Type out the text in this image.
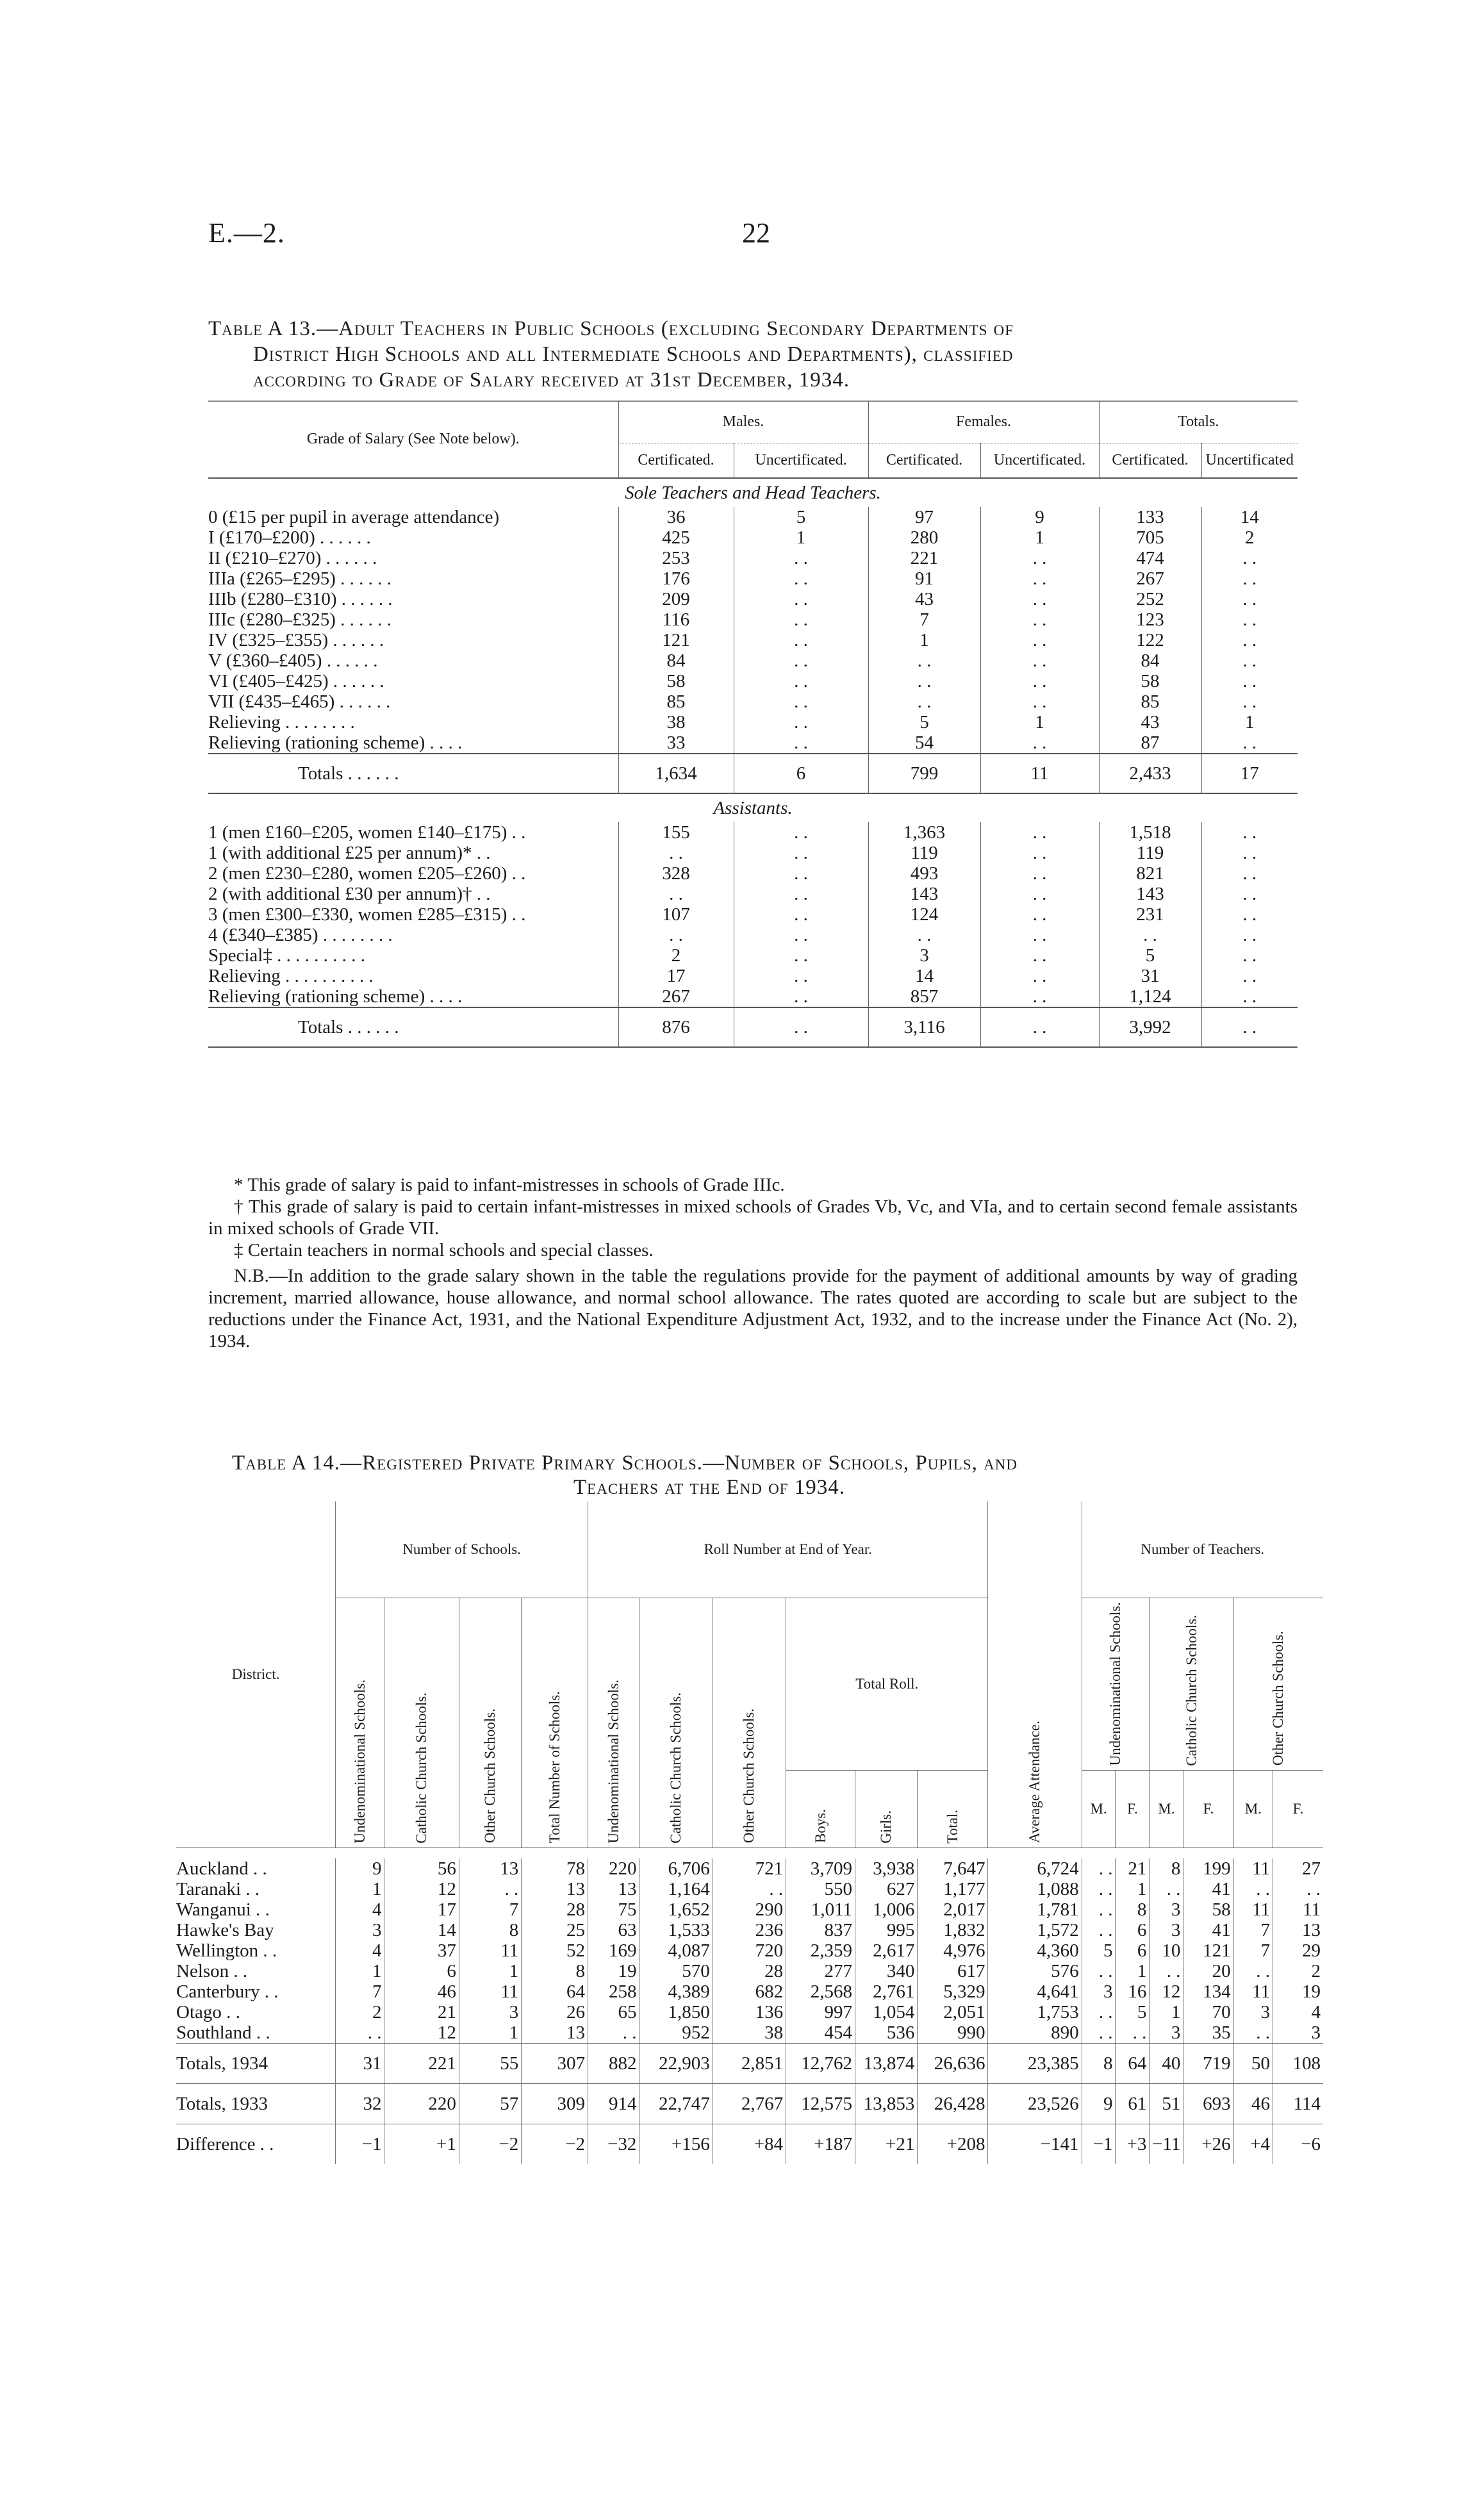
E.—2.	22
Table A 13.—Adult Teachers in Public Schools (excluding Secondary Departments of
District High Schools and all Intermediate Schools and Departments), classified
according to Grade of Salary received at 31st December, 1934.
Grade of Salary (See Note below).	Males.		Females.		Totals.	
	Certificated.	Uncertificated.	Certificated.	Uncertificated.	Certificated.	Uncertificated
Sole Teachers and Head Teachers.						
0 (£15 per pupil in average attendance)	36	5	97	9	133	14
I (£170–£200) . . . . . .	425	1	280	1	705	2
II (£210–£270) . . . . . .	253	. .	221	. .	474	. .
IIIa (£265–£295) . . . . . .	176	. .	91	. .	267	. .
IIIb (£280–£310) . . . . . .	209	. .	43	. .	252	. .
IIIc (£280–£325) . . . . . .	116	. .	7	. .	123	. .
IV (£325–£355) . . . . . .	121	. .	1	. .	122	. .
V (£360–£405) . . . . . .	84	. .	. .	. .	84	. .
VI (£405–£425) . . . . . .	58	. .	. .	. .	58	. .
VII (£435–£465) . . . . . .	85	. .	. .	. .	85	. .
Relieving . . . . . . . .	38	. .	5	1	43	1
Relieving (rationing scheme) . . . .	33	. .	54	. .	87	. .
Totals . . . . . .	1,634	6	799	11	2,433	17
Assistants.						
1 (men £160–£205, women £140–£175) . .	155	. .	1,363	. .	1,518	. .
1 (with additional £25 per annum)* . .	. .	. .	119	. .	119	. .
2 (men £230–£280, women £205–£260) . .	328	. .	493	. .	821	. .
2 (with additional £30 per annum)† . .	. .	. .	143	. .	143	. .
3 (men £300–£330, women £285–£315) . .	107	. .	124	. .	231	. .
4 (£340–£385) . . . . . . . .	. .	. .	. .	. .	. .	. .
Special‡ . . . . . . . . . .	2	. .	3	. .	5	. .
Relieving . . . . . . . . . .	17	. .	14	. .	31	. .
Relieving (rationing scheme) . . . .	267	. .	857	. .	1,124	. .
Totals . . . . . .	876	. .	3,116	. .	3,992	. .

* This grade of salary is paid to infant-mistresses in schools of Grade IIIc.

† This grade of salary is paid to certain infant-mistresses in mixed schools of Grades Vb, Vc, and VIa, and to certain second female assistants in mixed schools of Grade VII.

‡ Certain teachers in normal schools and special classes.

N.B.—In addition to the grade salary shown in the table the regulations provide for the payment of additional amounts by way of grading increment, married allowance, house allowance, and normal school allowance. The rates quoted are according to scale but are subject to the reductions under the Finance Act, 1931, and the National Expenditure Adjustment Act, 1932, and to the increase under the Finance Act (No. 2), 1934.

Table A 14.—Registered Private Primary Schools.—Number of Schools, Pupils, and
Teachers at the End of 1934.
District.	Number of Schools.				Roll Number at End of Year.						Average Attendance.	Number of Teachers.					
	Undenominational Schools.	Catholic Church Schools.	Other Church Schools.	Total Number of Schools.	Undenominational Schools.	Catholic Church Schools.	Other Church Schools.	Total Roll.				Undenominational Schools.		Catholic Church Schools.		Other Church Schools.	
								Boys.	Girls.	Total.		M.	F.	M.	F.	M.	F.

Auckland . .	9	56	13	78	220	6,706	721	3,709	3,938	7,647	6,724	. .	21	8	199	11	27
Taranaki . .	1	12	. .	13	13	1,164	. .	550	627	1,177	1,088	. .	1	. .	41	. .	. .
Wanganui . .	4	17	7	28	75	1,652	290	1,011	1,006	2,017	1,781	. .	8	3	58	11	11
Hawke's Bay	3	14	8	25	63	1,533	236	837	995	1,832	1,572	. .	6	3	41	7	13
Wellington . .	4	37	11	52	169	4,087	720	2,359	2,617	4,976	4,360	5	6	10	121	7	29
Nelson . .	1	6	1	8	19	570	28	277	340	617	576	. .	1	. .	20	. .	2
Canterbury . .	7	46	11	64	258	4,389	682	2,568	2,761	5,329	4,641	3	16	12	134	11	19
Otago . .	2	21	3	26	65	1,850	136	997	1,054	2,051	1,753	. .	5	1	70	3	4
Southland . .	. .	12	1	13	. .	952	38	454	536	990	890	. .	. .	3	35	. .	3
Totals, 1934	31	221	55	307	882	22,903	2,851	12,762	13,874	26,636	23,385	8	64	40	719	50	108
Totals, 1933	32	220	57	309	914	22,747	2,767	12,575	13,853	26,428	23,526	9	61	51	693	46	114
Difference . .	−1	+1	−2	−2	−32	+156	+84	+187	+21	+208	−141	−1	+3	−11	+26	+4	−6
